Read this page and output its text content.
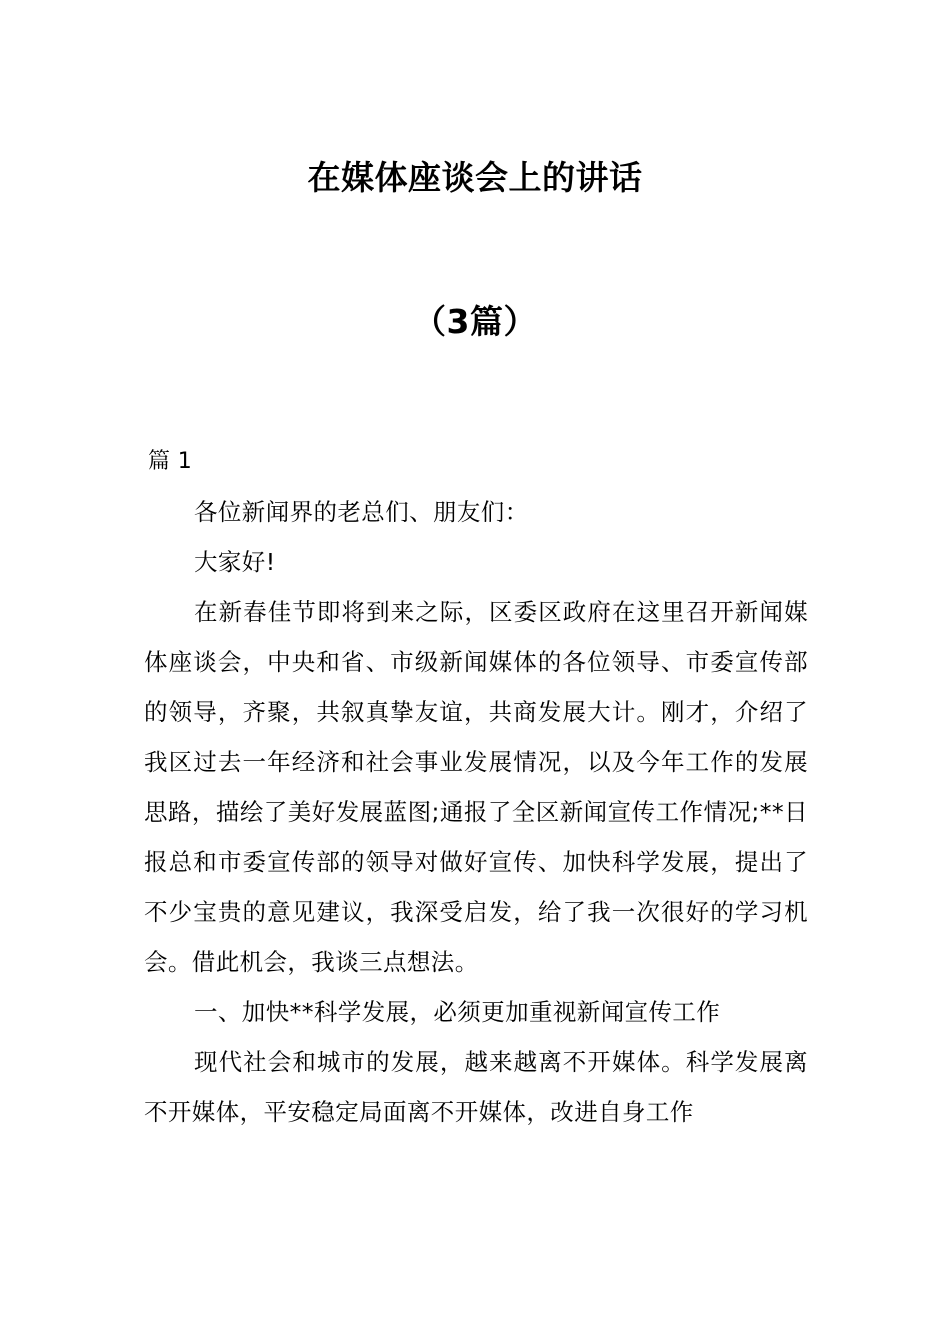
在媒体座谈会上的讲话
（3篇）

篇 1

各位新闻界的老总们、朋友们：

大家好!

在新春佳节即将到来之际，区委区政府在这里召开新闻媒体座谈会，中央和省、市级新闻媒体的各位领导、市委宣传部的领导，齐聚，共叙真挚友谊，共商发展大计。刚才，介绍了我区过去一年经济和社会事业发展情况，以及今年工作的发展思路，描绘了美好发展蓝图;通报了全区新闻宣传工作情况;**日报总和市委宣传部的领导对做好宣传、加快科学发展，提出了不少宝贵的意见建议，我深受启发，给了我一次很好的学习机会。借此机会，我谈三点想法。

一、加快**科学发展，必须更加重视新闻宣传工作

现代社会和城市的发展，越来越离不开媒体。科学发展离不开媒体，平安稳定局面离不开媒体，改进自身工作
